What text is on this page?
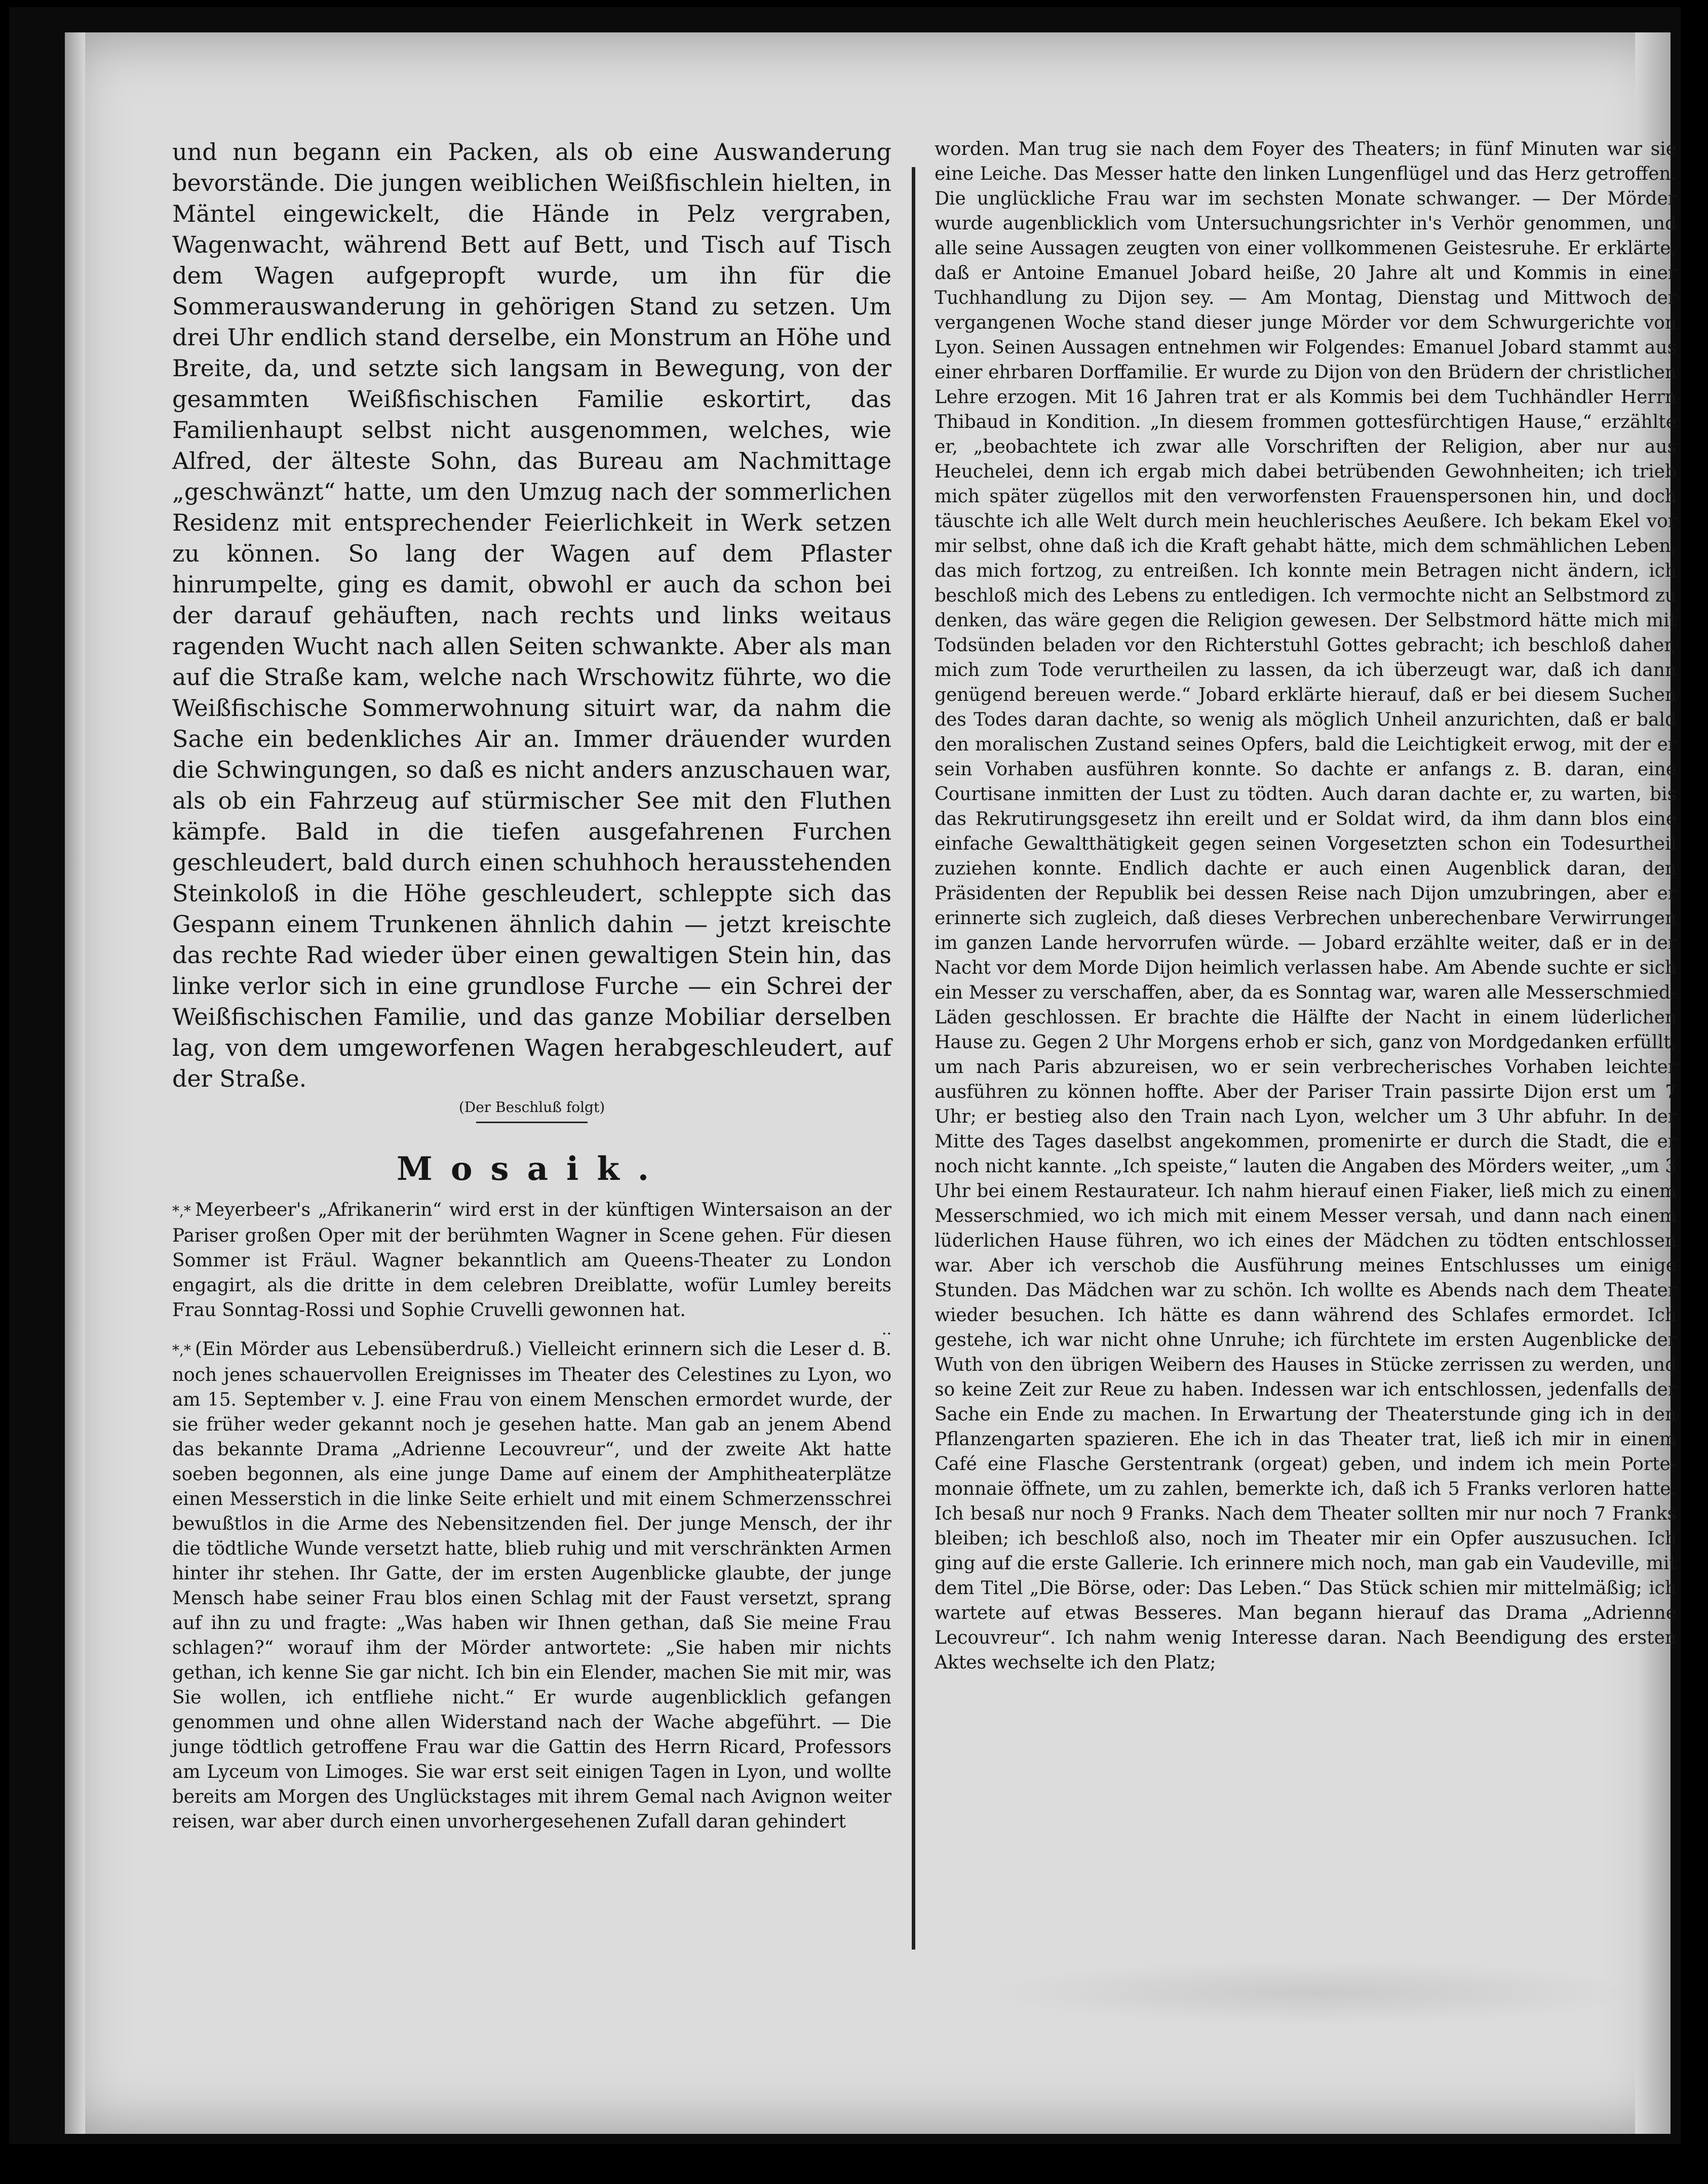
und nun begann ein Packen, als ob eine Auswanderung bevorstände. Die jungen weiblichen Weißfischlein hielten, in Mäntel eingewickelt, die Hände in Pelz vergraben, Wagenwacht, während Bett auf Bett, und Tisch auf Tisch dem Wagen aufgepropft wurde, um ihn für die Sommerauswanderung in gehörigen Stand zu setzen. Um drei Uhr endlich stand derselbe, ein Monstrum an Höhe und Breite, da, und setzte sich langsam in Bewegung, von der gesammten Weißfischischen Familie eskortirt, das Familienhaupt selbst nicht ausgenommen, welches, wie Alfred, der älteste Sohn, das Bureau am Nachmittage „geschwänzt“ hatte, um den Umzug nach der sommerlichen Residenz mit entsprechender Feierlichkeit in Werk setzen zu können. So lang der Wagen auf dem Pflaster hinrumpelte, ging es damit, obwohl er auch da schon bei der darauf gehäuften, nach rechts und links weitaus ragenden Wucht nach allen Seiten schwankte. Aber als man auf die Straße kam, welche nach Wrschowitz führte, wo die Weißfischische Sommerwohnung situirt war, da nahm die Sache ein bedenkliches Air an. Immer dräuender wurden die Schwingungen, so daß es nicht anders anzuschauen war, als ob ein Fahrzeug auf stürmischer See mit den Fluthen kämpfe. Bald in die tiefen ausgefahrenen Furchen geschleudert, bald durch einen schuhhoch herausstehenden Steinkoloß in die Höhe geschleudert, schleppte sich das Gespann einem Trunkenen ähnlich dahin — jetzt kreischte das rechte Rad wieder über einen gewaltigen Stein hin, das linke verlor sich in eine grundlose Furche — ein Schrei der Weißfischischen Familie, und das ganze Mobiliar derselben lag, von dem umgeworfenen Wagen herabgeschleudert, auf der Straße.

(Der Beschluß folgt)

Mosaik.

*,* Meyerbeer's „Afrikanerin“ wird erst in der künftigen Wintersaison an der Pariser großen Oper mit der berühmten Wagner in Scene gehen. Für diesen Sommer ist Fräul. Wagner bekanntlich am Queens-Theater zu London engagirt, als die dritte in dem celebren Dreiblatte, wofür Lumley bereits Frau Sonntag-Rossi und Sophie Cruvelli gewonnen hat.

..

*,* (Ein Mörder aus Lebensüberdruß.) Vielleicht erinnern sich die Leser d. B. noch jenes schauervollen Ereignisses im Theater des Celestines zu Lyon, wo am 15. September v. J. eine Frau von einem Menschen ermordet wurde, der sie früher weder gekannt noch je gesehen hatte. Man gab an jenem Abend das bekannte Drama „Adrienne Lecouvreur“, und der zweite Akt hatte soeben begonnen, als eine junge Dame auf einem der Amphitheaterplätze einen Messerstich in die linke Seite erhielt und mit einem Schmerzensschrei bewußtlos in die Arme des Nebensitzenden fiel. Der junge Mensch, der ihr die tödtliche Wunde versetzt hatte, blieb ruhig und mit verschränkten Armen hinter ihr stehen. Ihr Gatte, der im ersten Augenblicke glaubte, der junge Mensch habe seiner Frau blos einen Schlag mit der Faust versetzt, sprang auf ihn zu und fragte: „Was haben wir Ihnen gethan, daß Sie meine Frau schlagen?“ worauf ihm der Mörder antwortete: „Sie haben mir nichts gethan, ich kenne Sie gar nicht. Ich bin ein Elender, machen Sie mit mir, was Sie wollen, ich entfliehe nicht.“ Er wurde augenblicklich gefangen genommen und ohne allen Widerstand nach der Wache abgeführt. — Die junge tödtlich getroffene Frau war die Gattin des Herrn Ricard, Professors am Lyceum von Limoges. Sie war erst seit einigen Tagen in Lyon, und wollte bereits am Morgen des Unglückstages mit ihrem Gemal nach Avignon weiter reisen, war aber durch einen unvorhergesehenen Zufall daran gehindert

worden. Man trug sie nach dem Foyer des Theaters; in fünf Minuten war sie eine Leiche. Das Messer hatte den linken Lungenflügel und das Herz getroffen. Die unglückliche Frau war im sechsten Monate schwanger. — Der Mörder wurde augenblicklich vom Untersuchungsrichter in's Verhör genommen, und alle seine Aussagen zeugten von einer vollkommenen Geistesruhe. Er erklärte, daß er Antoine Emanuel Jobard heiße, 20 Jahre alt und Kommis in einer Tuchhandlung zu Dijon sey. — Am Montag, Dienstag und Mittwoch der vergangenen Woche stand dieser junge Mörder vor dem Schwurgerichte von Lyon. Seinen Aussagen entnehmen wir Folgendes: Emanuel Jobard stammt aus einer ehrbaren Dorffamilie. Er wurde zu Dijon von den Brüdern der christlichen Lehre erzogen. Mit 16 Jahren trat er als Kommis bei dem Tuchhändler Herrn Thibaud in Kondition. „In diesem frommen gottesfürchtigen Hause,“ erzählte er, „beobachtete ich zwar alle Vorschriften der Religion, aber nur aus Heuchelei, denn ich ergab mich dabei betrübenden Gewohnheiten; ich trieb mich später zügellos mit den verworfensten Frauenspersonen hin, und doch täuschte ich alle Welt durch mein heuchlerisches Aeußere. Ich bekam Ekel vor mir selbst, ohne daß ich die Kraft gehabt hätte, mich dem schmählichen Leben, das mich fortzog, zu entreißen. Ich konnte mein Betragen nicht ändern, ich beschloß mich des Lebens zu entledigen. Ich vermochte nicht an Selbstmord zu denken, das wäre gegen die Religion gewesen. Der Selbstmord hätte mich mit Todsünden beladen vor den Richterstuhl Gottes gebracht; ich beschloß daher, mich zum Tode verurtheilen zu lassen, da ich überzeugt war, daß ich dann genügend bereuen werde.“ Jobard erklärte hierauf, daß er bei diesem Suchen des Todes daran dachte, so wenig als möglich Unheil anzurichten, daß er bald den moralischen Zustand seines Opfers, bald die Leichtigkeit erwog, mit der er sein Vorhaben ausführen konnte. So dachte er anfangs z. B. daran, eine Courtisane inmitten der Lust zu tödten. Auch daran dachte er, zu warten, bis das Rekrutirungsgesetz ihn ereilt und er Soldat wird, da ihm dann blos eine einfache Gewaltthätigkeit gegen seinen Vorgesetzten schon ein Todesurtheil zuziehen konnte. Endlich dachte er auch einen Augenblick daran, den Präsidenten der Republik bei dessen Reise nach Dijon umzubringen, aber er erinnerte sich zugleich, daß dieses Verbrechen unberechenbare Verwirrungen im ganzen Lande hervorrufen würde. — Jobard erzählte weiter, daß er in der Nacht vor dem Morde Dijon heimlich verlassen habe. Am Abende suchte er sich ein Messer zu verschaffen, aber, da es Sonntag war, waren alle Messerschmied-Läden geschlossen. Er brachte die Hälfte der Nacht in einem lüderlichen Hause zu. Gegen 2 Uhr Morgens erhob er sich, ganz von Mordgedanken erfüllt, um nach Paris abzureisen, wo er sein verbrecherisches Vorhaben leichter ausführen zu können hoffte. Aber der Pariser Train passirte Dijon erst um 7 Uhr; er bestieg also den Train nach Lyon, welcher um 3 Uhr abfuhr. In der Mitte des Tages daselbst angekommen, promenirte er durch die Stadt, die er noch nicht kannte. „Ich speiste,“ lauten die Angaben des Mörders weiter, „um 3 Uhr bei einem Restaurateur. Ich nahm hierauf einen Fiaker, ließ mich zu einem Messerschmied, wo ich mich mit einem Messer versah, und dann nach einem lüderlichen Hause führen, wo ich eines der Mädchen zu tödten entschlossen war. Aber ich verschob die Ausführung meines Entschlusses um einige Stunden. Das Mädchen war zu schön. Ich wollte es Abends nach dem Theater wieder besuchen. Ich hätte es dann während des Schlafes ermordet. Ich gestehe, ich war nicht ohne Unruhe; ich fürchtete im ersten Augenblicke der Wuth von den übrigen Weibern des Hauses in Stücke zerrissen zu werden, und so keine Zeit zur Reue zu haben. Indessen war ich entschlossen, jedenfalls der Sache ein Ende zu machen. In Erwartung der Theaterstunde ging ich in den Pflanzengarten spazieren. Ehe ich in das Theater trat, ließ ich mir in einem Café eine Flasche Gerstentrank (orgeat) geben, und indem ich mein Porte-monnaie öffnete, um zu zahlen, bemerkte ich, daß ich 5 Franks verloren hatte. Ich besaß nur noch 9 Franks. Nach dem Theater sollten mir nur noch 7 Franks bleiben; ich beschloß also, noch im Theater mir ein Opfer auszusuchen. Ich ging auf die erste Gallerie. Ich erinnere mich noch, man gab ein Vaudeville, mit dem Titel „Die Börse, oder: Das Leben.“ Das Stück schien mir mittelmäßig; ich wartete auf etwas Besseres. Man begann hierauf das Drama „Adrienne Lecouvreur“. Ich nahm wenig Interesse daran. Nach Beendigung des ersten Aktes wechselte ich den Platz;
